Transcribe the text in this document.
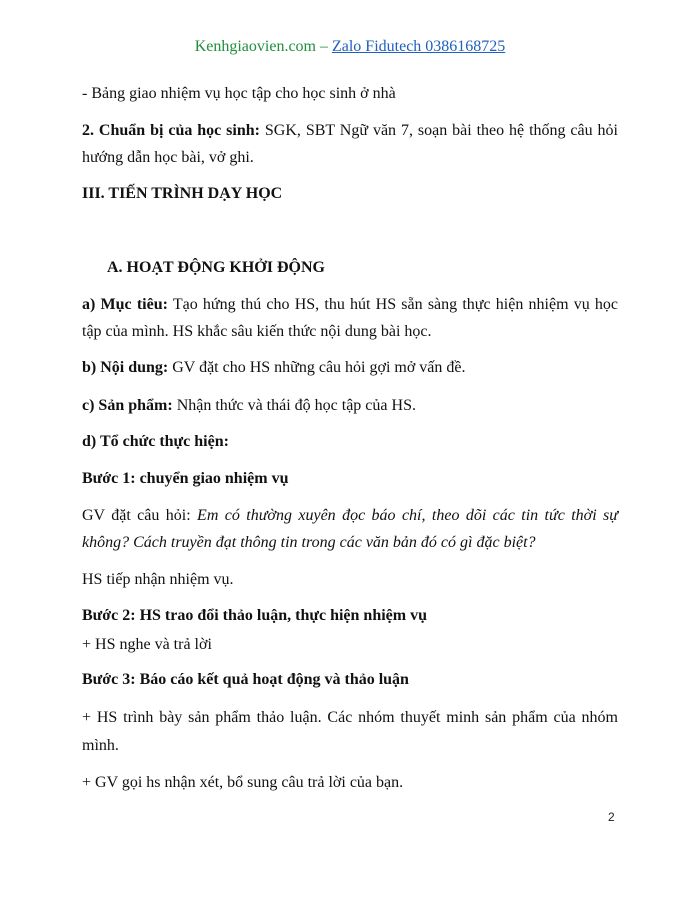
Kenhgiaovien.com – Zalo Fidutech 0386168725
- Bảng giao nhiệm vụ học tập cho học sinh ở nhà
2. Chuẩn bị của học sinh: SGK, SBT Ngữ văn 7, soạn bài theo hệ thống câu hỏi
hướng dẫn học bài, vở ghi.
III. TIẾN TRÌNH DẠY HỌC
A. HOẠT ĐỘNG KHỞI ĐỘNG
a) Mục tiêu: Tạo hứng thú cho HS, thu hút HS sẵn sàng thực hiện nhiệm vụ học
tập của mình. HS khắc sâu kiến thức nội dung bài học.
b) Nội dung: GV đặt cho HS những câu hỏi gợi mở vấn đề.
c) Sản phẩm: Nhận thức và thái độ học tập của HS.
d) Tổ chức thực hiện:
Bước 1: chuyển giao nhiệm vụ
GV đặt câu hỏi: Em có thường xuyên đọc báo chí, theo dõi các tin tức thời sự
không? Cách truyền đạt thông tin trong các văn bản đó có gì đặc biệt?
HS tiếp nhận nhiệm vụ.
Bước 2: HS trao đổi thảo luận, thực hiện nhiệm vụ
+ HS nghe và trả lời
Bước 3: Báo cáo kết quả hoạt động và thảo luận
+ HS trình bày sản phẩm thảo luận. Các nhóm thuyết minh sản phẩm của nhóm
mình.
+ GV gọi hs nhận xét, bổ sung câu trả lời của bạn.
2
